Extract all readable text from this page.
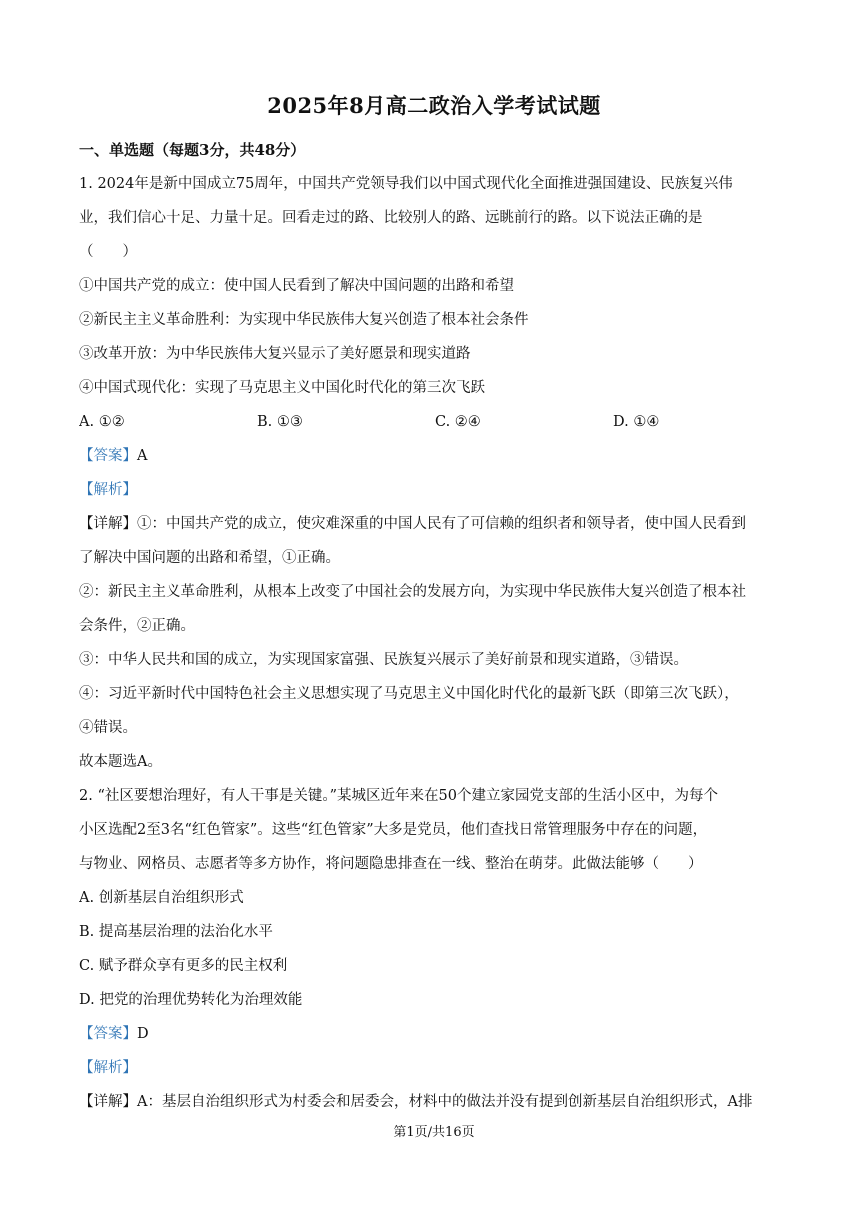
2025年8月高二政治入学考试试题
一、单选题（每题3分，共48分）
1. 2024年是新中国成立75周年，中国共产党领导我们以中国式现代化全面推进强国建设、民族复兴伟
业，我们信心十足、力量十足。回看走过的路、比较别人的路、远眺前行的路。以下说法正确的是
（　　）
①中国共产党的成立：使中国人民看到了解决中国问题的出路和希望
②新民主主义革命胜利：为实现中华民族伟大复兴创造了根本社会条件
③改革开放：为中华民族伟大复兴显示了美好愿景和现实道路
④中国式现代化：实现了马克思主义中国化时代化的第三次飞跃
A. ①②	B. ①③	C. ②④	D. ①④
【答案】A
【解析】
【详解】①：中国共产党的成立，使灾难深重的中国人民有了可信赖的组织者和领导者，使中国人民看到
了解决中国问题的出路和希望，①正确。
②：新民主主义革命胜利，从根本上改变了中国社会的发展方向，为实现中华民族伟大复兴创造了根本社
会条件，②正确。
③：中华人民共和国的成立，为实现国家富强、民族复兴展示了美好前景和现实道路，③错误。
④：习近平新时代中国特色社会主义思想实现了马克思主义中国化时代化的最新飞跃（即第三次飞跃），
④错误。
故本题选A。
2. “社区要想治理好，有人干事是关键。”某城区近年来在50个建立家园党支部的生活小区中，为每个
小区选配2至3名“红色管家”。这些“红色管家”大多是党员，他们查找日常管理服务中存在的问题，
与物业、网格员、志愿者等多方协作，将问题隐患排查在一线、整治在萌芽。此做法能够（　　）
A. 创新基层自治组织形式
B. 提高基层治理的法治化水平
C. 赋予群众享有更多的民主权利
D. 把党的治理优势转化为治理效能
【答案】D
【解析】
【详解】A：基层自治组织形式为村委会和居委会，材料中的做法并没有提到创新基层自治组织形式，A排
第1页/共16页
